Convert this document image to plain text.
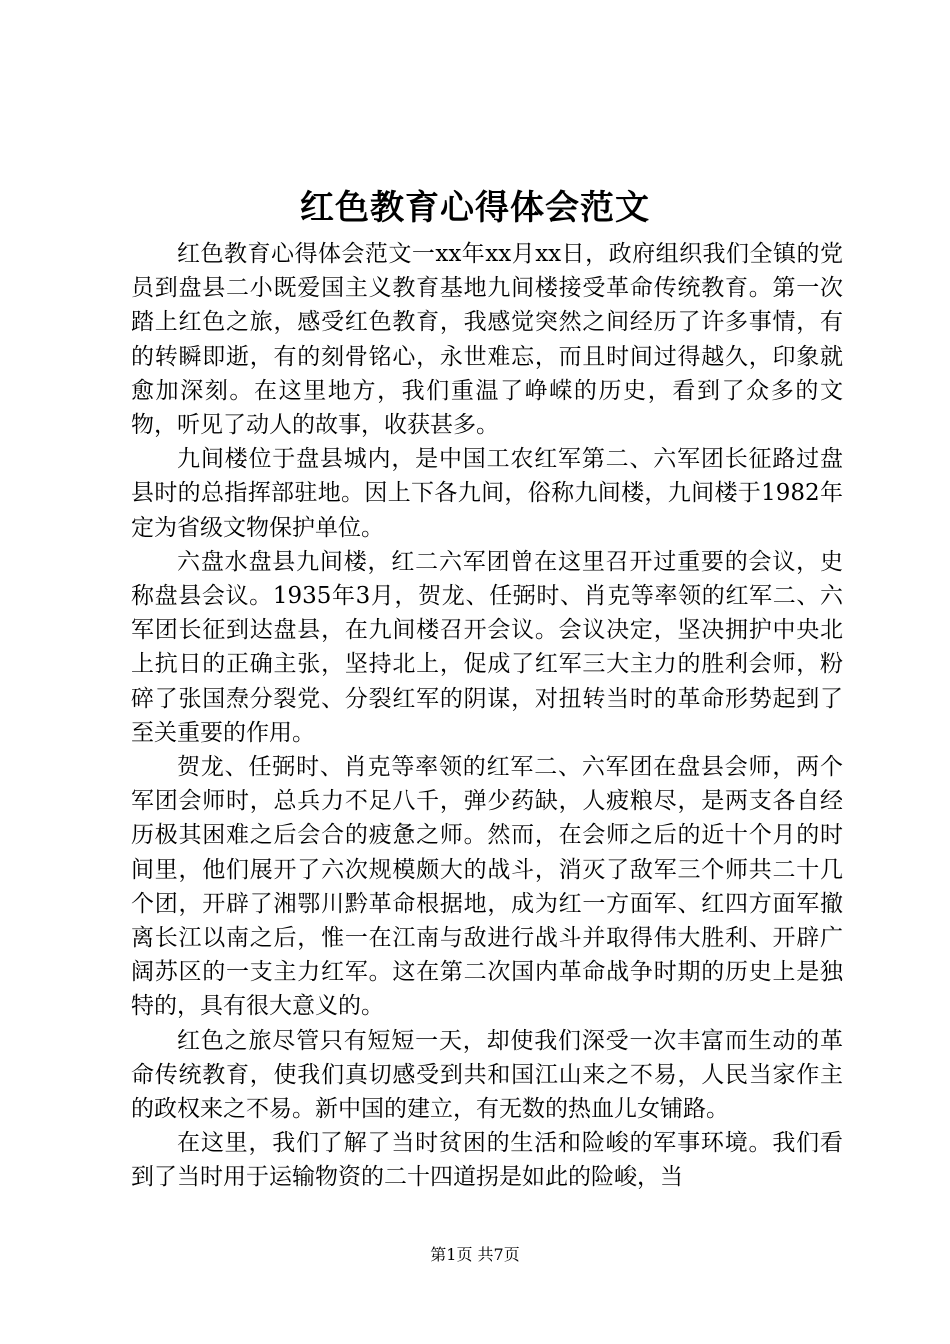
红色教育心得体会范文

红色教育心得体会范文一xx年xx月xx日，政府组织我们全镇的党员到盘县二小既爱国主义教育基地九间楼接受革命传统教育。第一次踏上红色之旅，感受红色教育，我感觉突然之间经历了许多事情，有的转瞬即逝，有的刻骨铭心，永世难忘，而且时间过得越久，印象就愈加深刻。在这里地方，我们重温了峥嵘的历史，看到了众多的文物，听见了动人的故事，收获甚多。

九间楼位于盘县城内，是中国工农红军第二、六军团长征路过盘县时的总指挥部驻地。因上下各九间，俗称九间楼，九间楼于1982年定为省级文物保护单位。

六盘水盘县九间楼，红二六军团曾在这里召开过重要的会议，史称盘县会议。1935年3月，贺龙、任弼时、肖克等率领的红军二、六军团长征到达盘县，在九间楼召开会议。会议决定，坚决拥护中央北上抗日的正确主张，坚持北上，促成了红军三大主力的胜利会师，粉碎了张国焘分裂党、分裂红军的阴谋，对扭转当时的革命形势起到了至关重要的作用。

贺龙、任弼时、肖克等率领的红军二、六军团在盘县会师，两个军团会师时，总兵力不足八千，弹少药缺，人疲粮尽，是两支各自经历极其困难之后会合的疲惫之师。然而，在会师之后的近十个月的时间里，他们展开了六次规模颇大的战斗，消灭了敌军三个师共二十几个团，开辟了湘鄂川黔革命根据地，成为红一方面军、红四方面军撤离长江以南之后，惟一在江南与敌进行战斗并取得伟大胜利、开辟广阔苏区的一支主力红军。这在第二次国内革命战争时期的历史上是独特的，具有很大意义的。

红色之旅尽管只有短短一天，却使我们深受一次丰富而生动的革命传统教育，使我们真切感受到共和国江山来之不易，人民当家作主的政权来之不易。新中国的建立，有无数的热血儿女铺路。

在这里，我们了解了当时贫困的生活和险峻的军事环境。我们看到了当时用于运输物资的二十四道拐是如此的险峻，当

第1页 共7页
